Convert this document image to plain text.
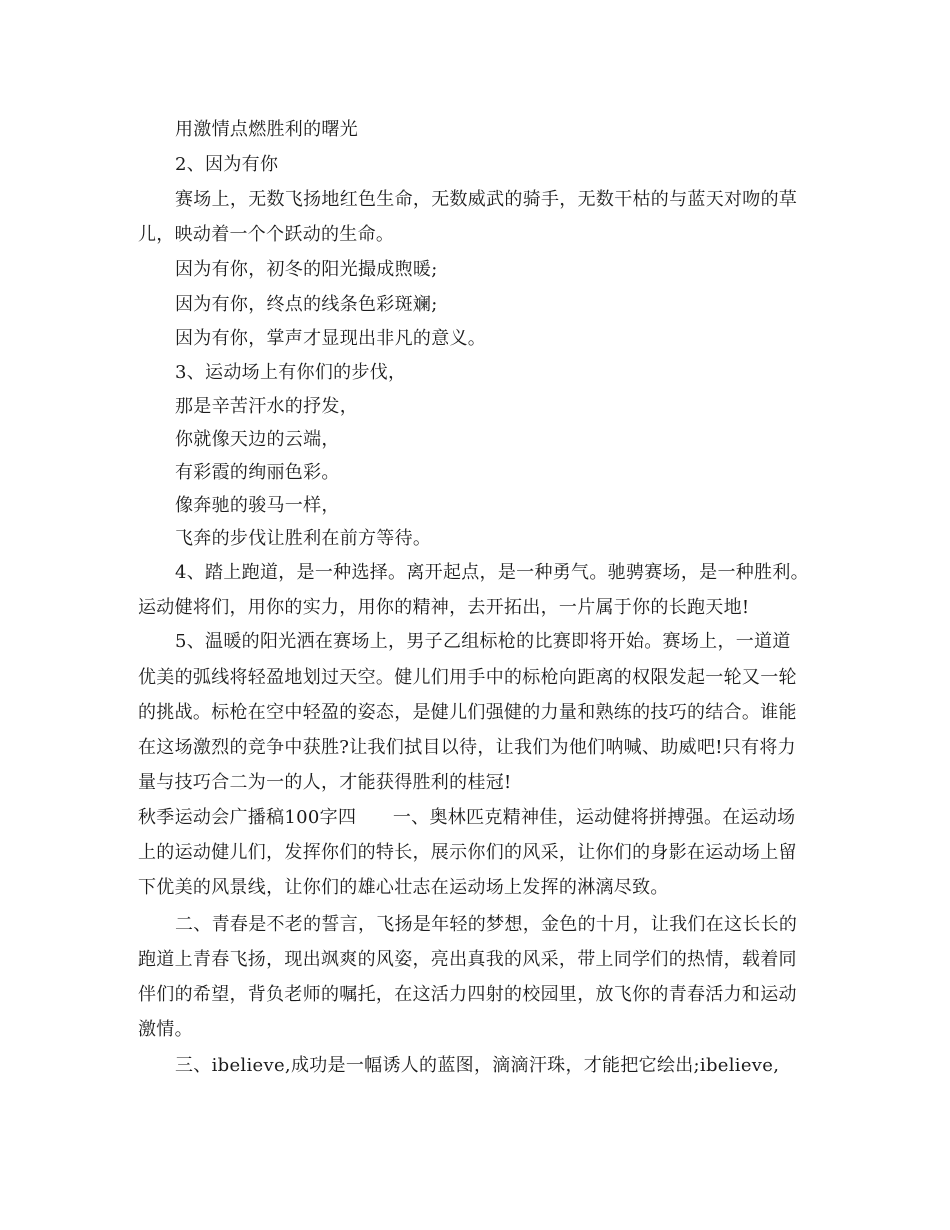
用激情点燃胜利的曙光
2、因为有你
赛场上，无数飞扬地红色生命，无数威武的骑手，无数干枯的与蓝天对吻的草
儿，映动着一个个跃动的生命。
因为有你，初冬的阳光撮成煦暖;
因为有你，终点的线条色彩斑斓;
因为有你，掌声才显现出非凡的意义。
3、运动场上有你们的步伐，
那是辛苦汗水的抒发，
你就像天边的云端，
有彩霞的绚丽色彩。
像奔驰的骏马一样，
飞奔的步伐让胜利在前方等待。
4、踏上跑道，是一种选择。离开起点，是一种勇气。驰骋赛场，是一种胜利。
运动健将们，用你的实力，用你的精神，去开拓出，一片属于你的长跑天地!
5、温暖的阳光洒在赛场上，男子乙组标枪的比赛即将开始。赛场上，一道道
优美的弧线将轻盈地划过天空。健儿们用手中的标枪向距离的权限发起一轮又一轮
的挑战。标枪在空中轻盈的姿态，是健儿们强健的力量和熟练的技巧的结合。谁能
在这场激烈的竞争中获胜?让我们拭目以待，让我们为他们呐喊、助威吧!只有将力
量与技巧合二为一的人，才能获得胜利的桂冠!
秋季运动会广播稿100字四　　一、奥林匹克精神佳，运动健将拼搏强。在运动场
上的运动健儿们，发挥你们的特长，展示你们的风采，让你们的身影在运动场上留
下优美的风景线，让你们的雄心壮志在运动场上发挥的淋漓尽致。
二、青春是不老的誓言，飞扬是年轻的梦想，金色的十月，让我们在这长长的
跑道上青春飞扬，现出飒爽的风姿，亮出真我的风采，带上同学们的热情，载着同
伴们的希望，背负老师的嘱托，在这活力四射的校园里，放飞你的青春活力和运动
激情。
三、ibelieve,成功是一幅诱人的蓝图，滴滴汗珠，才能把它绘出;ibelieve,
